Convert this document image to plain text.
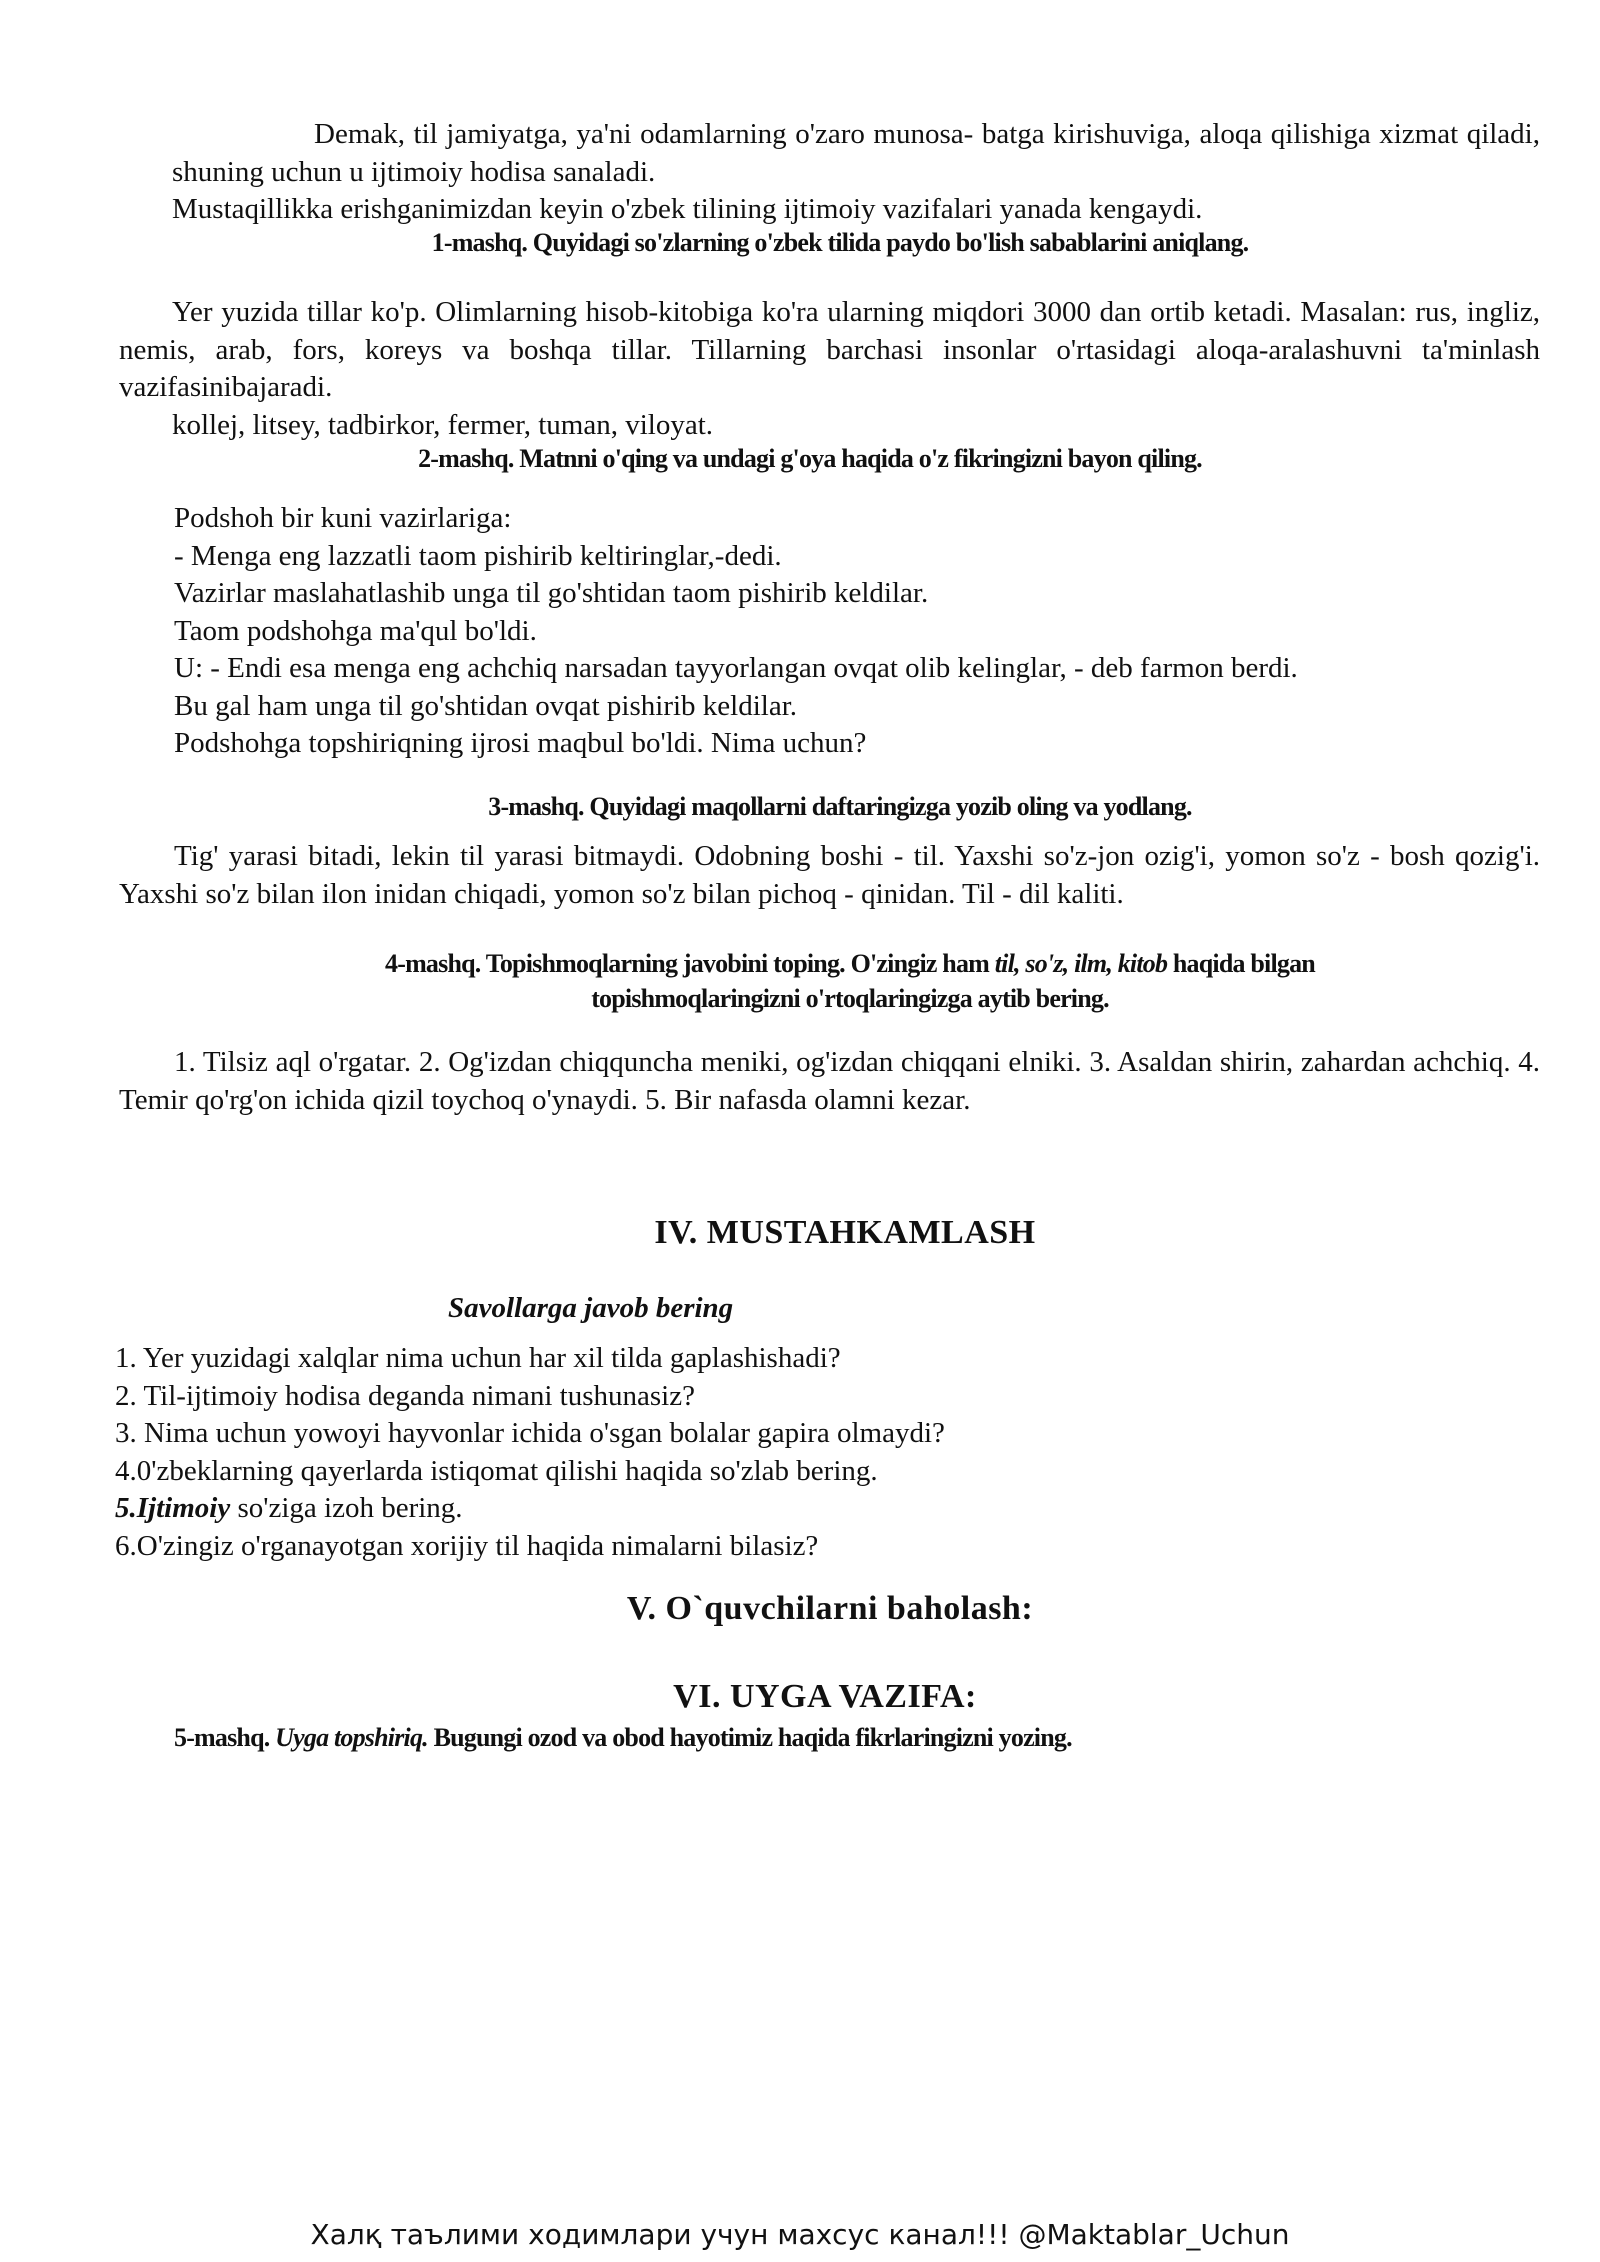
Demak, til jamiyatga, ya'ni odamlarning o'zaro munosa- batga kirishuviga, aloqa qilishiga xizmat qiladi, shuning uchun u ijtimoiy hodisa sanaladi.
Mustaqillikka erishganimizdan keyin o'zbek tilining ijtimoiy vazifalari yanada kengaydi.
1-mashq. Quyidagi so'zlarning o'zbek tilida paydo bo'lish sabablarini aniqlang.
Yer yuzida tillar ko'p. Olimlarning hisob-kitobiga ko'ra ularning miqdori 3000 dan ortib ketadi. Masalan: rus, ingliz, nemis, arab, fors, koreys va boshqa tillar. Tillarning barchasi insonlar o'rtasidagi aloqa-aralashuvni ta'minlash vazifasinibajaradi.
kollej, litsey, tadbirkor, fermer, tuman, viloyat.
2-mashq. Matnni o'qing va undagi g'oya haqida o'z fikringizni bayon qiling.
Podshoh bir kuni vazirlariga:
- Menga eng lazzatli taom pishirib keltiringlar,-dedi.
Vazirlar maslahatlashib unga til go'shtidan taom pishirib keldilar.
Taom podshohga ma'qul bo'ldi.
U: - Endi esa menga eng achchiq narsadan tayyorlangan ovqat olib kelinglar, - deb farmon berdi.
Bu gal ham unga til go'shtidan ovqat pishirib keldilar.
Podshohga topshiriqning ijrosi maqbul bo'ldi. Nima uchun?
3-mashq. Quyidagi maqollarni daftaringizga yozib oling va yodlang.
Tig' yarasi bitadi, lekin til yarasi bitmaydi. Odobning boshi - til. Yaxshi so'z-jon ozig'i, yomon so'z - bosh qozig'i. Yaxshi so'z bilan ilon inidan chiqadi, yomon so'z bilan pichoq - qinidan. Til - dil kaliti.
4-mashq. Topishmoqlarning javobini toping. O'zingiz ham til, so'z, ilm, kitob haqida bilgan
topishmoqlaringizni o'rtoqlaringizga aytib bering.
1. Tilsiz aql o'rgatar. 2. Og'izdan chiqquncha meniki, og'izdan chiqqani elniki. 3. Asaldan shirin, zahardan achchiq. 4. Temir qo'rg'on ichida qizil toychoq o'ynaydi. 5. Bir nafasda olamni kezar.
IV. MUSTAHKAMLASH
Savollarga javob bering
1. Yer yuzidagi xalqlar nima uchun har xil tilda gaplashishadi?
2. Til-ijtimoiy hodisa deganda nimani tushunasiz?
3. Nima uchun yowoyi hayvonlar ichida o'sgan bolalar gapira olmaydi?
4.0'zbeklarning qayerlarda istiqomat qilishi haqida so'zlab bering.
5.Ijtimoiy so'ziga izoh bering.
6.O'zingiz o'rganayotgan xorijiy til haqida nimalarni bilasiz?
V. O`quvchilarni baholash:
VI. UYGA VAZIFA:
5-mashq. Uyga topshiriq. Bugungi ozod va obod hayotimiz haqida fikrlaringizni yozing.
Халқ таълими ходимлари учун махсус канал!!! @Maktablar_Uchun
